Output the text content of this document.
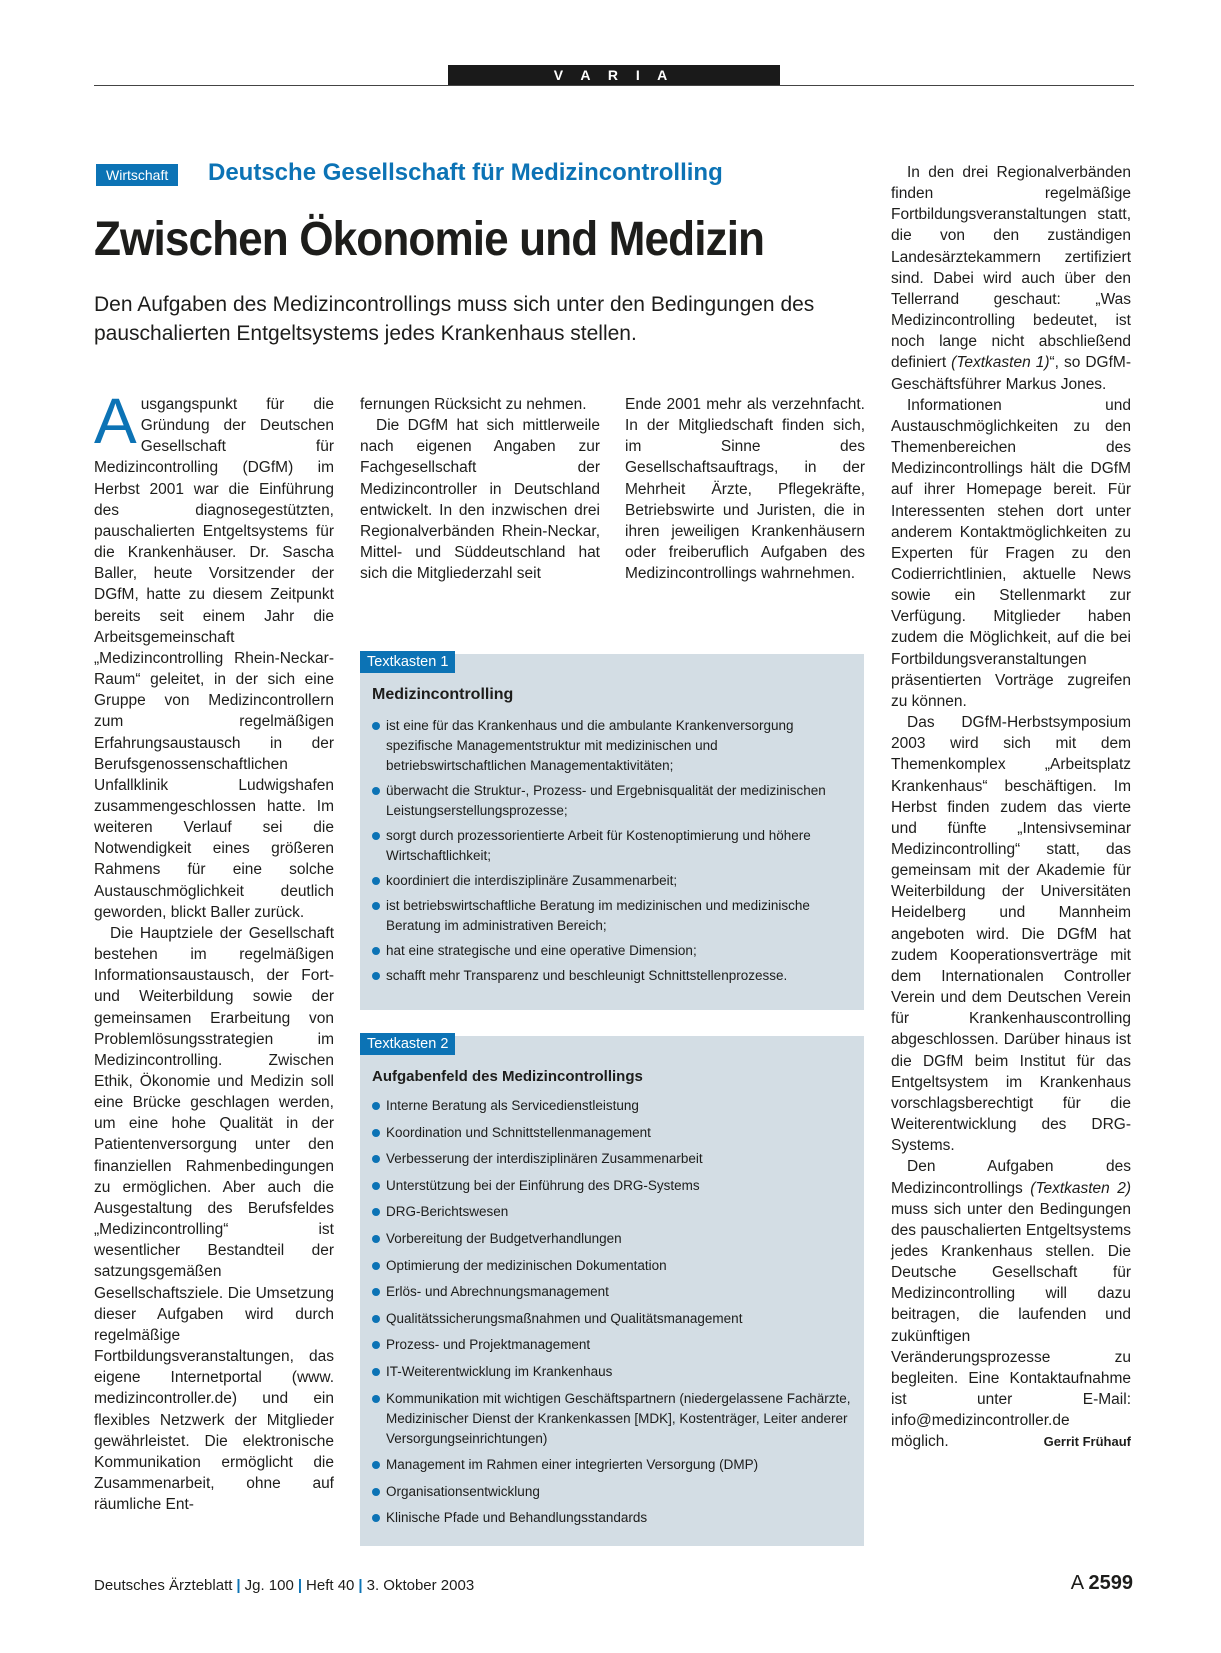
V A R I A
Wirtschaft	Deutsche Gesellschaft für Medizincontrolling
Zwischen Ökonomie und Medizin

Den Aufgaben des Medizincontrollings muss sich unter den Bedingungen des pauschalierten Entgeltsystems jedes Krankenhaus stellen.

Ausgangspunkt für die Gründung der Deutschen Gesellschaft für Medizincontrolling (DGfM) im Herbst 2001 war die Einführung des diagnosegestützten, pauschalierten Entgeltsystems für die Krankenhäuser. Dr. Sascha Baller, heute Vorsitzender der DGfM, hatte zu diesem Zeitpunkt bereits seit einem Jahr die Arbeitsgemeinschaft „Medizincontrolling Rhein-Neckar-Raum“ geleitet, in der sich eine Gruppe von Medizincontrollern zum regelmäßigen Erfahrungsaustausch in der Berufsgenossenschaftlichen Unfallklinik Ludwigshafen zusammengeschlossen hatte. Im weiteren Verlauf sei die Notwendigkeit eines größeren Rahmens für eine solche Austauschmöglichkeit deutlich geworden, blickt Baller zurück.

Die Hauptziele der Gesellschaft bestehen im regelmäßigen Informationsaustausch, der Fort- und Weiterbildung sowie der gemeinsamen Erarbeitung von Problemlösungsstrategien im Medizincontrolling. Zwischen Ethik, Ökonomie und Medizin soll eine Brücke geschlagen werden, um eine hohe Qualität in der Patientenversorgung unter den finanziellen Rahmenbedingungen zu ermöglichen. Aber auch die Ausgestaltung des Berufsfeldes „Medizincontrolling“ ist wesentlicher Bestandteil der satzungsgemäßen Gesellschaftsziele. Die Umsetzung dieser Aufgaben wird durch regelmäßige Fortbildungsveranstaltungen, das eigene Internetportal (www. medizincontroller.de) und ein flexibles Netzwerk der Mitglieder gewährleistet. Die elektronische Kommunikation ermöglicht die Zusammenarbeit, ohne auf räumliche Ent-

fernungen Rücksicht zu nehmen.

Die DGfM hat sich mittlerweile nach eigenen Angaben zur Fachgesellschaft der Medizincontroller in Deutschland entwickelt. In den inzwischen drei Regionalverbänden Rhein-Neckar, Mittel- und Süddeutschland hat sich die Mitgliederzahl seit

Ende 2001 mehr als verzehnfacht. In der Mitgliedschaft finden sich, im Sinne des Gesellschaftsauftrags, in der Mehrheit Ärzte, Pflegekräfte, Betriebswirte und Juristen, die in ihren jeweiligen Krankenhäusern oder freiberuflich Aufgaben des Medizincontrollings wahrnehmen.

In den drei Regionalverbänden finden regelmäßige Fortbildungsveranstaltungen statt, die von den zuständigen Landesärztekammern zertifiziert sind. Dabei wird auch über den Tellerrand geschaut: „Was Medizincontrolling bedeutet, ist noch lange nicht abschließend definiert (Textkasten 1)“, so DGfM-Geschäftsführer Markus Jones.

Informationen und Austauschmöglichkeiten zu den Themenbereichen des Medizincontrollings hält die DGfM auf ihrer Homepage bereit. Für Interessenten stehen dort unter anderem Kontaktmöglichkeiten zu Experten für Fragen zu den Codierrichtlinien, aktuelle News sowie ein Stellenmarkt zur Verfügung. Mitglieder haben zudem die Möglichkeit, auf die bei Fortbildungsveranstaltungen präsentierten Vorträge zugreifen zu können.

Das DGfM-Herbstsymposium 2003 wird sich mit dem Themenkomplex „Arbeitsplatz Krankenhaus“ beschäftigen. Im Herbst finden zudem das vierte und fünfte „Intensivseminar Medizincontrolling“ statt, das gemeinsam mit der Akademie für Weiterbildung der Universitäten Heidelberg und Mannheim angeboten wird. Die DGfM hat zudem Kooperationsverträge mit dem Internationalen Controller Verein und dem Deutschen Verein für Krankenhauscontrolling abgeschlossen. Darüber hinaus ist die DGfM beim Institut für das Entgeltsystem im Krankenhaus vorschlagsberechtigt für die Weiterentwicklung des DRG-Systems.

Den Aufgaben des Medizincontrollings (Textkasten 2) muss sich unter den Bedingungen des pauschalierten Entgeltsystems jedes Krankenhaus stellen. Die Deutsche Gesellschaft für Medizincontrolling will dazu beitragen, die laufenden und zukünftigen Veränderungsprozesse zu begleiten. Eine Kontaktaufnahme ist unter E-Mail: info@medizincontroller.de möglich.	Gerrit Frühauf

Textkasten 1
Medizincontrolling
ist eine für das Krankenhaus und die ambulante Krankenversorgung spezifische Managementstruktur mit medizinischen und betriebswirtschaftlichen Managementaktivitäten;
überwacht die Struktur-, Prozess- und Ergebnisqualität der medizinischen Leistungserstellungsprozesse;
sorgt durch prozessorientierte Arbeit für Kostenoptimierung und höhere Wirtschaftlichkeit;
koordiniert die interdisziplinäre Zusammenarbeit;
ist betriebswirtschaftliche Beratung im medizinischen und medizinische Beratung im administrativen Bereich;
hat eine strategische und eine operative Dimension;
schafft mehr Transparenz und beschleunigt Schnittstellenprozesse.
Textkasten 2
Aufgabenfeld des Medizincontrollings
Interne Beratung als Servicedienstleistung
Koordination und Schnittstellenmanagement
Verbesserung der interdisziplinären Zusammenarbeit
Unterstützung bei der Einführung des DRG-Systems
DRG-Berichtswesen
Vorbereitung der Budgetverhandlungen
Optimierung der medizinischen Dokumentation
Erlös- und Abrechnungsmanagement
Qualitätssicherungsmaßnahmen und Qualitätsmanagement
Prozess- und Projektmanagement
IT-Weiterentwicklung im Krankenhaus
Kommunikation mit wichtigen Geschäftspartnern (niedergelassene Fachärzte, Medizinischer Dienst der Krankenkassen [MDK], Kostenträger, Leiter anderer Versorgungseinrichtungen)
Management im Rahmen einer integrierten Versorgung (DMP)
Organisationsentwicklung
Klinische Pfade und Behandlungsstandards
Deutsches Ärzteblatt | Jg. 100 | Heft 40 | 3. Oktober 2003	A 2599
